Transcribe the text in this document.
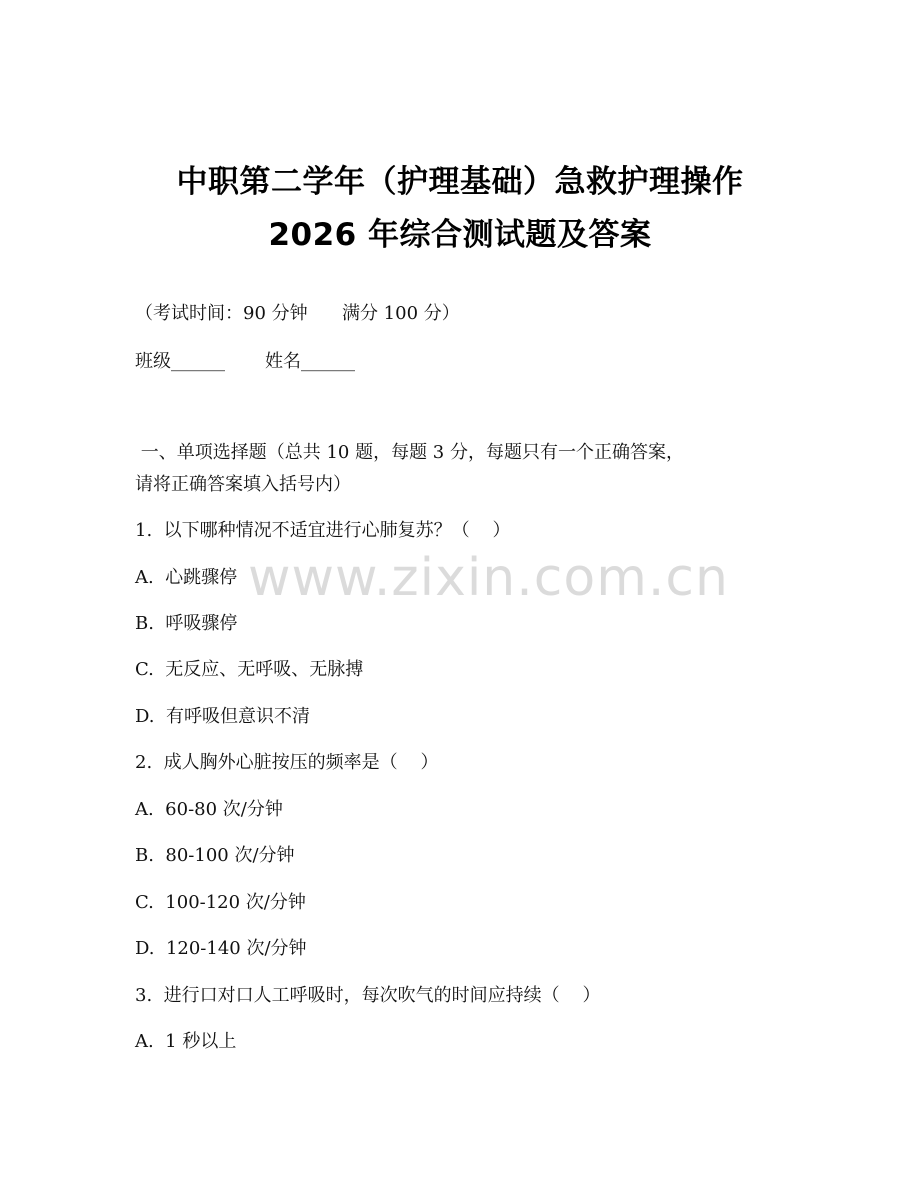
中职第二学年（护理基础）急救护理操作
2026 年综合测试题及答案
（考试时间：90 分钟      满分 100 分）
班级______       姓名______
一、单项选择题（总共 10 题，每题 3 分，每题只有一个正确答案，
请将正确答案填入括号内）
1.  以下哪种情况不适宜进行心肺复苏？（    ）
A.  心跳骤停
B.  呼吸骤停
C.  无反应、无呼吸、无脉搏
D.  有呼吸但意识不清
2.  成人胸外心脏按压的频率是（    ）
A.  60-80 次/分钟
B.  80-100 次/分钟
C.  100-120 次/分钟
D.  120-140 次/分钟
3.  进行口对口人工呼吸时，每次吹气的时间应持续（    ）
A.  1 秒以上
www.zixin.com.cn
